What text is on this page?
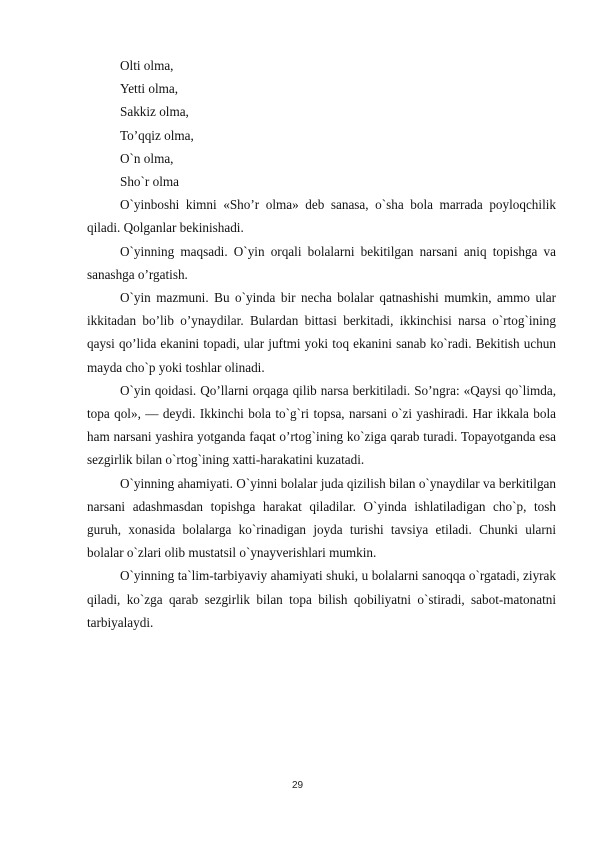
Olti olma,

Yetti olma,

Sakkiz olma,

To’qqiz olma,

O`n olma,

Sho`r olma

O`yinboshi kimni «Sho’r olma» deb sanasa, o`sha bola marrada poyloqchilik qiladi. Qolganlar bekinishadi.

O`yinning maqsadi. O`yin orqali bolalarni bekitilgan narsani aniq topishga va sanashga o’rgatish.

O`yin mazmuni. Bu o`yinda bir necha bolalar qatnashishi mumkin, ammo ular ikkitadan bo’lib o’ynaydilar. Bulardan bittasi berkitadi, ikkinchisi narsa o`rtog`ining qaysi qo’lida ekanini topadi, ular juftmi yoki toq ekanini sanab ko`radi. Bekitish uchun mayda cho`p yoki toshlar olinadi.

O`yin qoidasi. Qo’llarni orqaga qilib narsa berkitiladi. So’ngra: «Qaysi qo`limda, topa qol», — deydi. Ikkinchi bola to`g`ri topsa, narsani o`zi yashiradi. Har ikkala bola ham narsani yashira yotganda faqat o’rtog`ining ko`ziga qarab turadi. Topayotganda esa sezgirlik bilan o`rtog`ining xatti-harakatini kuzatadi.

O`yinning ahamiyati. O`yinni bolalar juda qizilish bilan o`ynaydilar va berkitilgan narsani adashmasdan topishga harakat qiladilar. O`yinda ishlatiladigan cho`p, tosh guruh, xonasida bolalarga ko`rinadigan joyda turishi tavsiya etiladi. Chunki ularni bolalar o`zlari olib mustatsil o`ynayverishlari mumkin.

O`yinning ta`lim-tarbiyaviy ahamiyati shuki, u bolalarni sanoqqa o`rgatadi, ziyrak qiladi, ko`zga qarab sezgirlik bilan topa bilish qobiliyatni o`stiradi, sabot-matonatni tarbiyalaydi.

29
